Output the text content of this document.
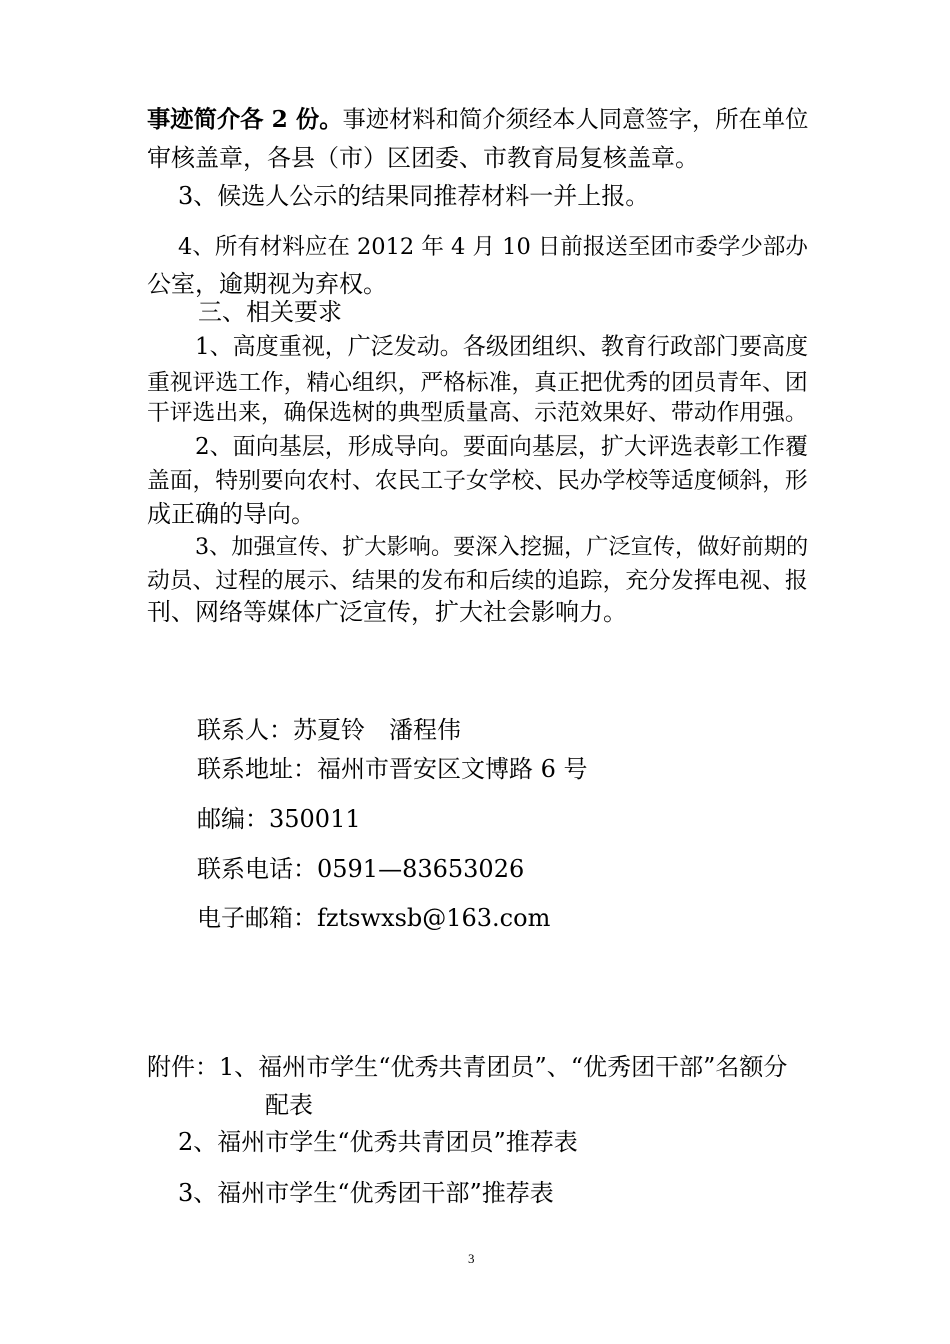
事迹简介各 2 份。事迹材料和简介须经本人同意签字，所在单位

审核盖章，各县（市）区团委、市教育局复核盖章。

3、候选人公示的结果同推荐材料一并上报。

4、所有材料应在 2012 年 4 月 10 日前报送至团市委学少部办

公室，逾期视为弃权。

三、相关要求

1、高度重视，广泛发动。各级团组织、教育行政部门要高度

重视评选工作，精心组织，严格标准，真正把优秀的团员青年、团

干评选出来，确保选树的典型质量高、示范效果好、带动作用强。

2、面向基层，形成导向。要面向基层，扩大评选表彰工作覆

盖面，特别要向农村、农民工子女学校、民办学校等适度倾斜，形

成正确的导向。

3、加强宣传、扩大影响。要深入挖掘，广泛宣传，做好前期的

动员、过程的展示、结果的发布和后续的追踪，充分发挥电视、报

刊、网络等媒体广泛宣传，扩大社会影响力。

联系人：苏夏铃　潘程伟

联系地址：福州市晋安区文博路 6 号

邮编：350011

联系电话：0591—83653026

电子邮箱：fztswxsb@163.com

附件：1、福州市学生“优秀共青团员”、“优秀团干部”名额分

配表

2、福州市学生“优秀共青团员”推荐表

3、福州市学生“优秀团干部”推荐表

3
